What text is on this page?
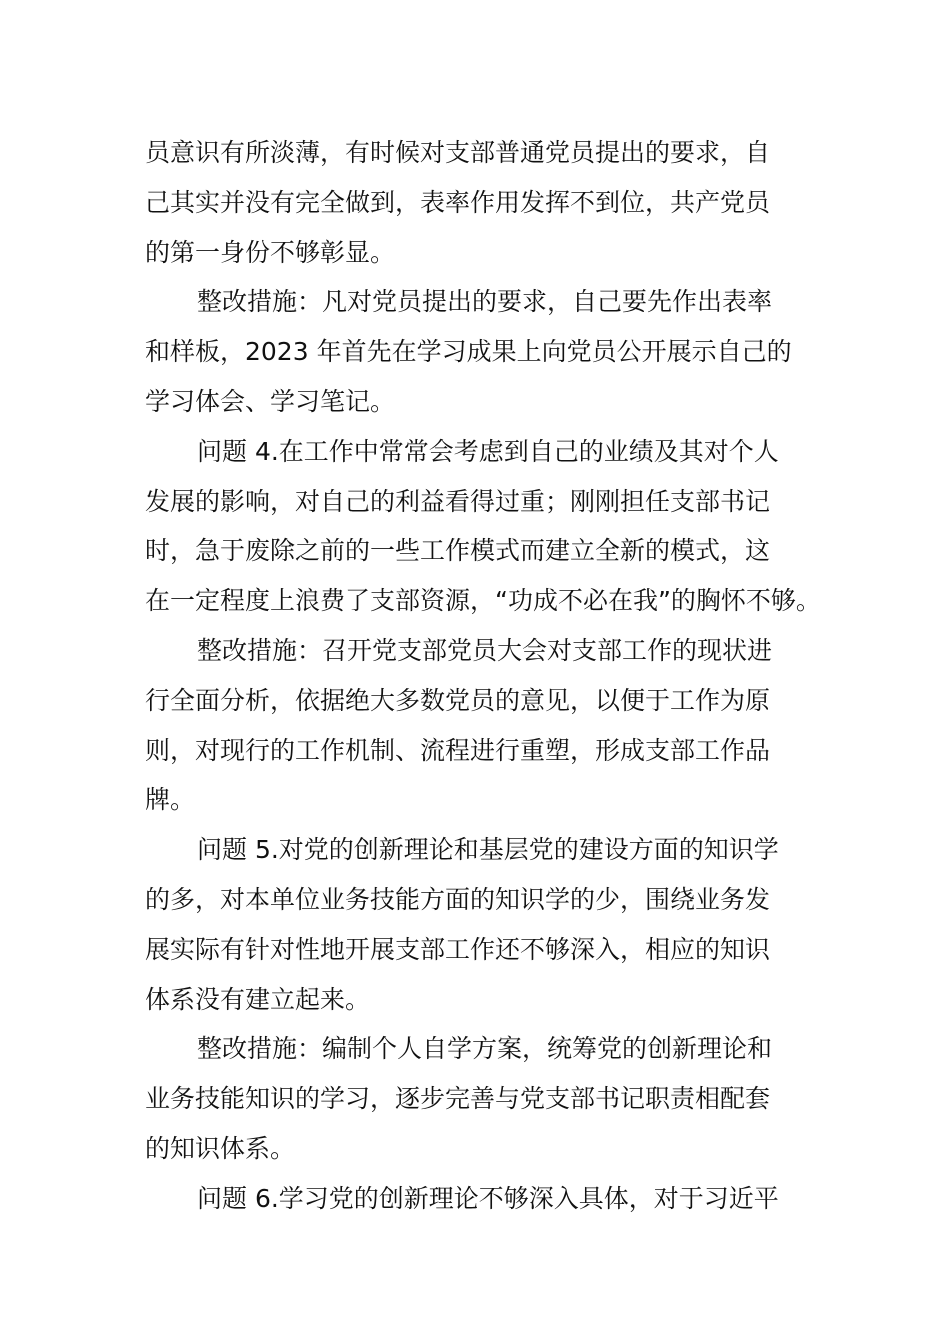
员意识有所淡薄，有时候对支部普通党员提出的要求，自
己其实并没有完全做到，表率作用发挥不到位，共产党员
的第一身份不够彰显。
整改措施：凡对党员提出的要求，自己要先作出表率
和样板，2023 年首先在学习成果上向党员公开展示自己的
学习体会、学习笔记。
问题 4.在工作中常常会考虑到自己的业绩及其对个人
发展的影响，对自己的利益看得过重；刚刚担任支部书记
时，急于废除之前的一些工作模式而建立全新的模式，这
在一定程度上浪费了支部资源，“功成不必在我”的胸怀不够。
整改措施：召开党支部党员大会对支部工作的现状进
行全面分析，依据绝大多数党员的意见，以便于工作为原
则，对现行的工作机制、流程进行重塑，形成支部工作品
牌。
问题 5.对党的创新理论和基层党的建设方面的知识学
的多，对本单位业务技能方面的知识学的少，围绕业务发
展实际有针对性地开展支部工作还不够深入，相应的知识
体系没有建立起来。
整改措施：编制个人自学方案，统筹党的创新理论和
业务技能知识的学习，逐步完善与党支部书记职责相配套
的知识体系。
问题 6.学习党的创新理论不够深入具体，对于习近平
